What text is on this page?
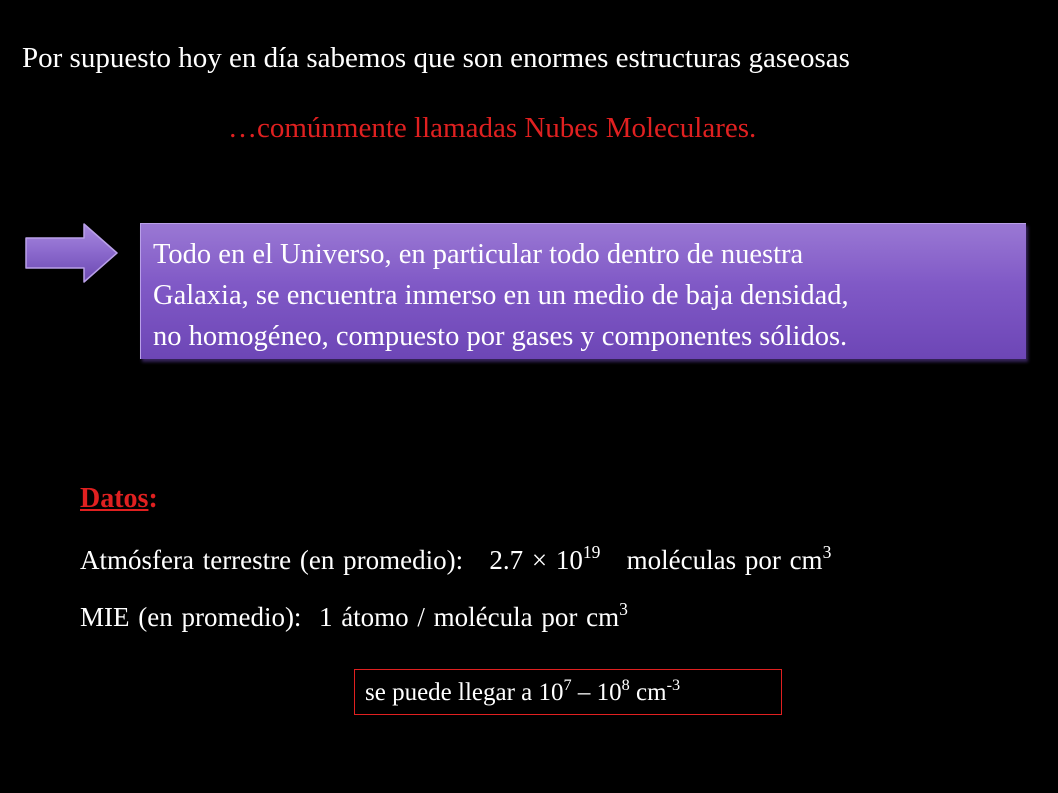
Por supuesto hoy en día sabemos que son enormes estructuras gaseosas
…comúnmente llamadas Nubes Moleculares.
Todo en el Universo, en particular todo dentro de nuestra
Galaxia, se encuentra inmerso en un medio de baja densidad,
no homogéneo, compuesto por gases y componentes sólidos.
Datos:
Atmósfera terrestre (en promedio): $2.7 \times 10^{19}$ moléculas por $cm^3$
MIE (en promedio): 1 átomo / molécula por $cm^3$
se puede llegar a $10^7 - 10^8$ $cm^{-3}$
